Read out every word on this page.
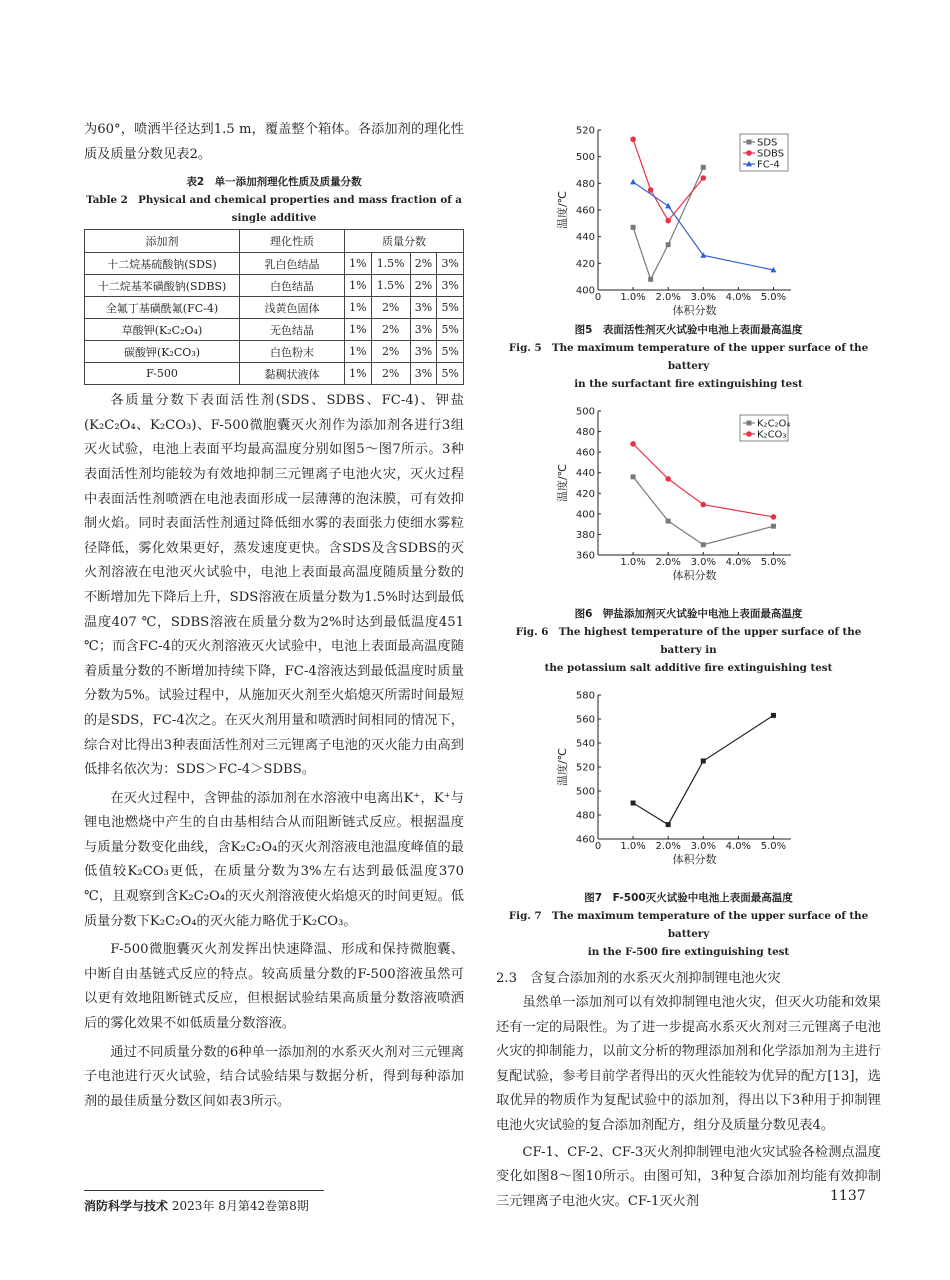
为60°，喷洒半径达到1.5 m，覆盖整个箱体。各添加剂的理化性质及质量分数见表2。

表2　单一添加剂理化性质及质量分数
Table 2　Physical and chemical properties and mass fraction of a
single additive
添加剂	理化性质	质量分数			
十二烷基硫酸钠(SDS)	乳白色结晶	1%	1.5%	2%	3%
十二烷基苯磺酸钠(SDBS)	白色结晶	1%	1.5%	2%	3%
全氟丁基磺酰氟(FC-4)	浅黄色固体	1%	2%	3%	5%
草酸钾(K₂C₂O₄)	无色结晶	1%	2%	3%	5%
碳酸钾(K₂CO₃)	白色粉末	1%	2%	3%	5%
F-500	黏稠状液体	1%	2%	3%	5%

各质量分数下表面活性剂(SDS、SDBS、FC-4)、钾盐(K₂C₂O₄、K₂CO₃)、F-500微胞囊灭火剂作为添加剂各进行3组灭火试验，电池上表面平均最高温度分别如图5～图7所示。3种表面活性剂均能较为有效地抑制三元锂离子电池火灾，灭火过程中表面活性剂喷洒在电池表面形成一层薄薄的泡沫膜，可有效抑制火焰。同时表面活性剂通过降低细水雾的表面张力使细水雾粒径降低，雾化效果更好，蒸发速度更快。含SDS及含SDBS的灭火剂溶液在电池灭火试验中，电池上表面最高温度随质量分数的不断增加先下降后上升，SDS溶液在质量分数为1.5%时达到最低温度407 ℃，SDBS溶液在质量分数为2%时达到最低温度451 ℃；而含FC-4的灭火剂溶液灭火试验中，电池上表面最高温度随着质量分数的不断增加持续下降，FC-4溶液达到最低温度时质量分数为5%。试验过程中，从施加灭火剂至火焰熄灭所需时间最短的是SDS，FC-4次之。在灭火剂用量和喷洒时间相同的情况下，综合对比得出3种表面活性剂对三元锂离子电池的灭火能力由高到低排名依次为：SDS＞FC-4＞SDBS。

在灭火过程中，含钾盐的添加剂在水溶液中电离出K⁺，K⁺与锂电池燃烧中产生的自由基相结合从而阻断链式反应。根据温度与质量分数变化曲线，含K₂C₂O₄的灭火剂溶液电池温度峰值的最低值较K₂CO₃更低，在质量分数为3%左右达到最低温度370 ℃，且观察到含K₂C₂O₄的灭火剂溶液使火焰熄灭的时间更短。低质量分数下K₂C₂O₄的灭火能力略优于K₂CO₃。

F-500微胞囊灭火剂发挥出快速降温、形成和保持微胞囊、中断自由基链式反应的特点。较高质量分数的F-500溶液虽然可以更有效地阻断链式反应，但根据试验结果高质量分数溶液喷洒后的雾化效果不如低质量分数溶液。

通过不同质量分数的6种单一添加剂的水系灭火剂对三元锂离子电池进行灭火试验，结合试验结果与数据分析，得到每种添加剂的最佳质量分数区间如表3所示。

400
420
440
460
480
500
520
0 1.0% 2.0% 3.0% 4.0% 5.0%
体积分数
温度/℃
SDS
SDBS
FC-4
图5　表面活性剂灭火试验中电池上表面最高温度
Fig. 5　The maximum temperature of the upper surface of the battery
in the surfactant fire extinguishing test
360
380
400
420
440
460
480
500
1.0% 2.0% 3.0% 4.0% 5.0%
体积分数
温度/℃
K₂C₂O₄
K₂CO₃
图6　钾盐添加剂灭火试验中电池上表面最高温度
Fig. 6　The highest temperature of the upper surface of the battery in
the potassium salt additive fire extinguishing test
460
480
500
520
540
560
580
0 1.0% 2.0% 3.0% 4.0% 5.0%
体积分数
温度/℃
图7　F-500灭火试验中电池上表面最高温度
Fig. 7　The maximum temperature of the upper surface of the battery
in the F-500 fire extinguishing test
2.3　含复合添加剂的水系灭火剂抑制锂电池火灾

虽然单一添加剂可以有效抑制锂电池火灾，但灭火功能和效果还有一定的局限性。为了进一步提高水系灭火剂对三元锂离子电池火灾的抑制能力，以前文分析的物理添加剂和化学添加剂为主进行复配试验，参考目前学者得出的灭火性能较为优异的配方[13]，选取优异的物质作为复配试验中的添加剂，得出以下3种用于抑制锂电池火灾试验的复合添加剂配方，组分及质量分数见表4。

CF-1、CF-2、CF-3灭火剂抑制锂电池火灾试验各检测点温度变化如图8～图10所示。由图可知，3种复合添加剂均能有效抑制三元锂离子电池火灾。CF-1灭火剂

消防科学与技术 2023年 8月第42卷第8期
1137
